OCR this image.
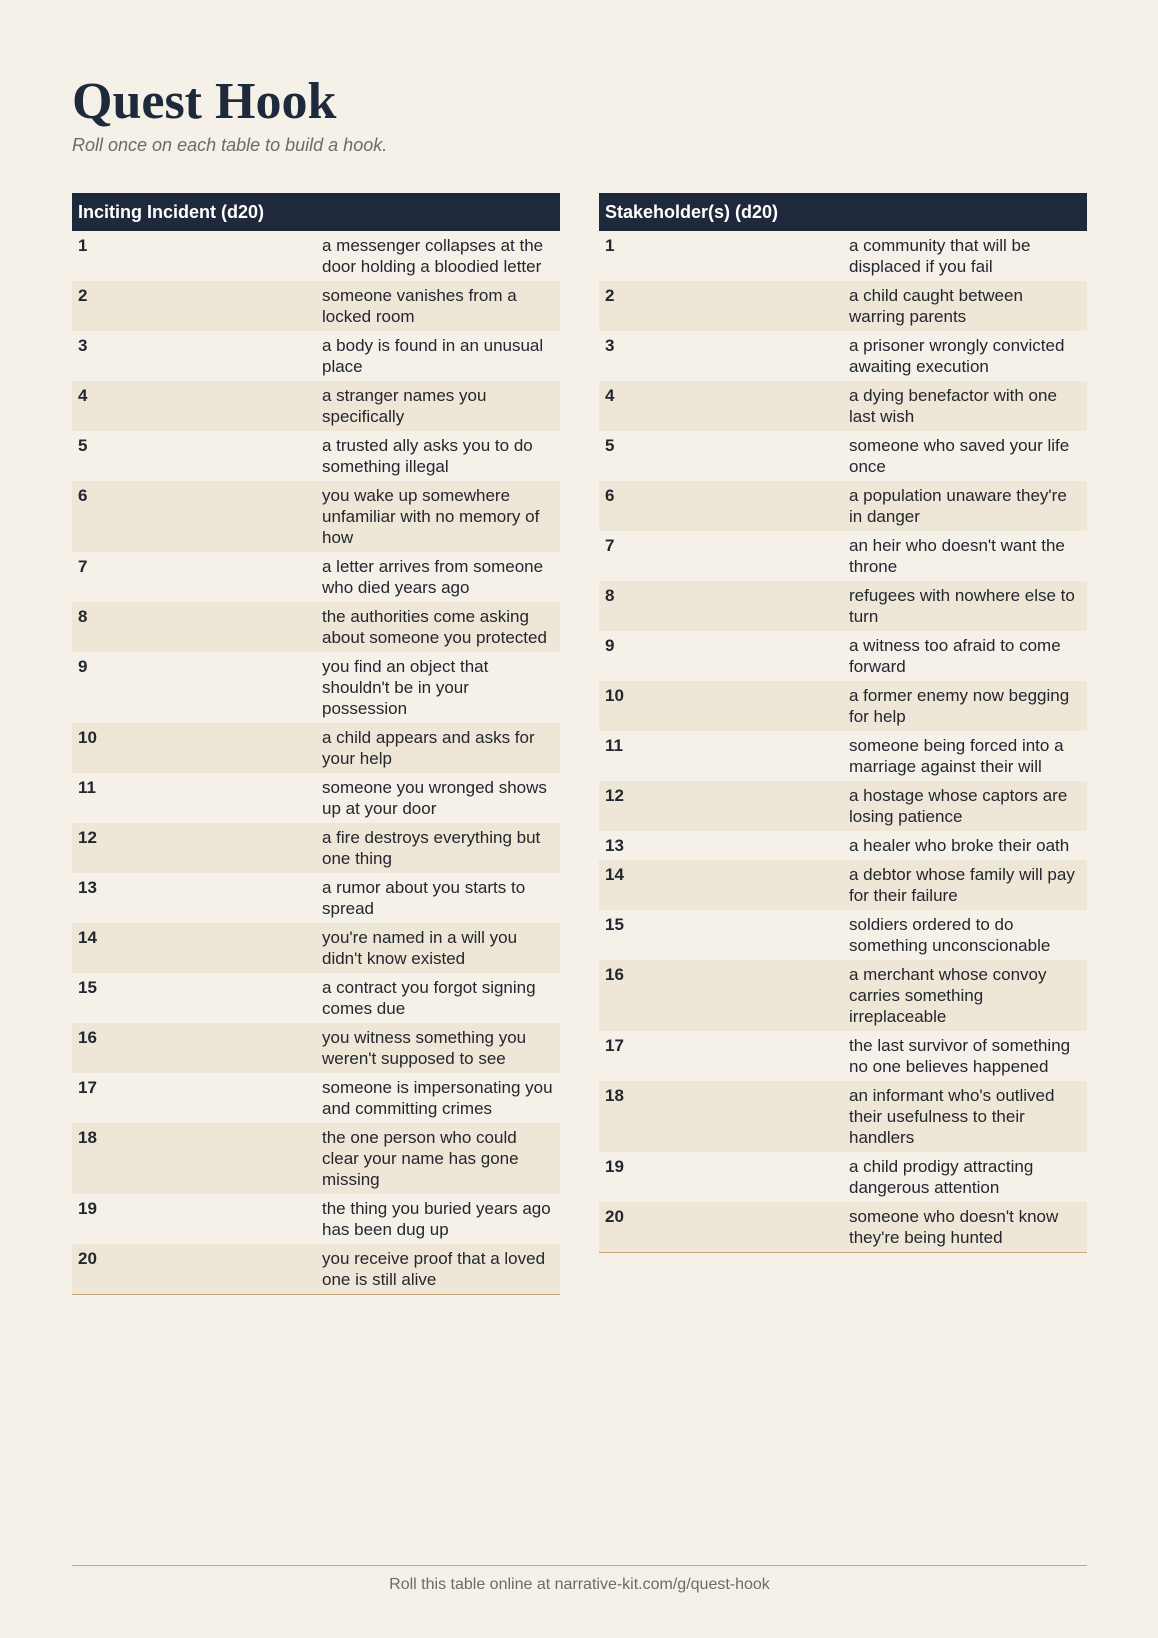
Quest Hook
Roll once on each table to build a hook.
Inciting Incident (d20)	
1	a messenger collapses at the door holding a bloodied letter
2	someone vanishes from a locked room
3	a body is found in an unusual place
4	a stranger names you specifically
5	a trusted ally asks you to do something illegal
6	you wake up somewhere unfamiliar with no memory of how
7	a letter arrives from someone who died years ago
8	the authorities come asking about someone you protected
9	you find an object that shouldn't be in your possession
10	a child appears and asks for your help
11	someone you wronged shows up at your door
12	a fire destroys everything but one thing
13	a rumor about you starts to spread
14	you're named in a will you didn't know existed
15	a contract you forgot signing comes due
16	you witness something you weren't supposed to see
17	someone is impersonating you and committing crimes
18	the one person who could clear your name has gone missing
19	the thing you buried years ago has been dug up
20	you receive proof that a loved one is still alive
Stakeholder(s) (d20)	
1	a community that will be displaced if you fail
2	a child caught between warring parents
3	a prisoner wrongly convicted awaiting execution
4	a dying benefactor with one last wish
5	someone who saved your life once
6	a population unaware they're in danger
7	an heir who doesn't want the throne
8	refugees with nowhere else to turn
9	a witness too afraid to come forward
10	a former enemy now begging for help
11	someone being forced into a marriage against their will
12	a hostage whose captors are losing patience
13	a healer who broke their oath
14	a debtor whose family will pay for their failure
15	soldiers ordered to do something unconscionable
16	a merchant whose convoy carries something irreplaceable
17	the last survivor of something no one believes happened
18	an informant who's outlived their usefulness to their handlers
19	a child prodigy attracting dangerous attention
20	someone who doesn't know they're being hunted
Roll this table online at narrative-kit.com/g/quest-hook
